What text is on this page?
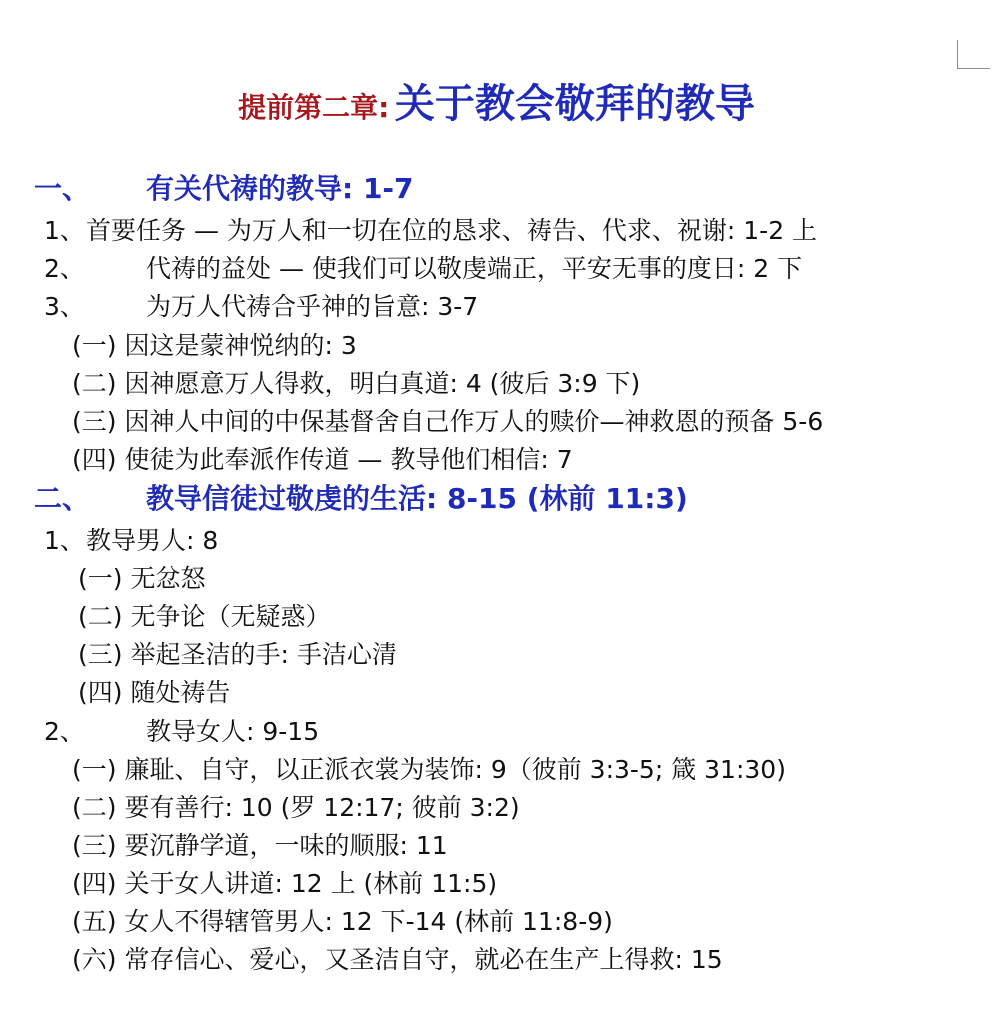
提前第二章: 关于教会敬拜的教导
一、 有关代祷的教导: 1-7
1、 首要任务 — 为万人和一切在位的恳求、祷告、代求、祝谢: 1-2 上
2、 代祷的益处 — 使我们可以敬虔端正，平安无事的度日: 2 下
3、 为万人代祷合乎神的旨意: 3-7
(一) 因这是蒙神悦纳的: 3
(二) 因神愿意万人得救，明白真道: 4 (彼后 3:9 下)
(三) 因神人中间的中保基督舍自己作万人的赎价—神救恩的预备 5-6
(四) 使徒为此奉派作传道 — 教导他们相信: 7
二、 教导信徒过敬虔的生活: 8-15 (林前 11:3)
1、 教导男人: 8
(一) 无忿怒
(二) 无争论（无疑惑）
(三) 举起圣洁的手: 手洁心清
(四) 随处祷告
2、 教导女人: 9-15
(一) 廉耻、自守，以正派衣裳为装饰: 9（彼前 3:3-5; 箴 31:30)
(二) 要有善行: 10 (罗 12:17; 彼前 3:2)
(三) 要沉静学道，一味的顺服: 11
(四) 关于女人讲道: 12 上 (林前 11:5)
(五) 女人不得辖管男人: 12 下-14 (林前 11:8-9)
(六) 常存信心、爱心，又圣洁自守，就必在生产上得救: 15
